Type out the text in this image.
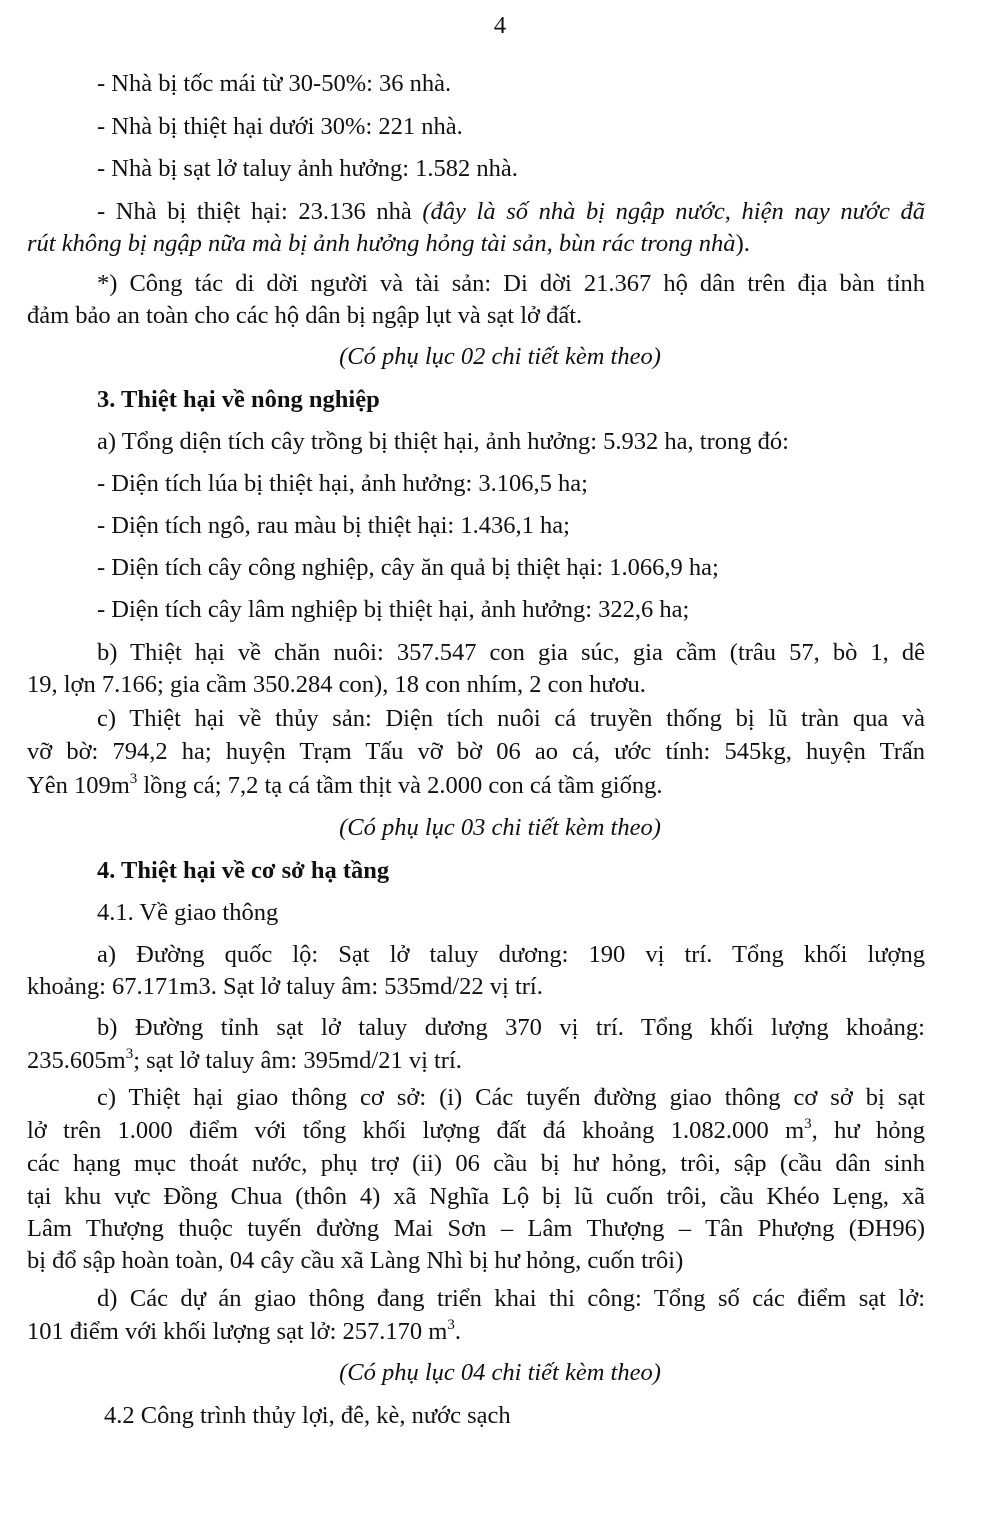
4
- Nhà bị tốc mái từ 30-50%: 36 nhà.
- Nhà bị thiệt hại dưới 30%: 221 nhà.
- Nhà bị sạt lở taluy ảnh hưởng: 1.582 nhà.
- Nhà bị thiệt hại: 23.136 nhà (đây là số nhà bị ngập nước, hiện nay nước đã
rút không bị ngập nữa mà bị ảnh hưởng hỏng tài sản, bùn rác trong nhà).
*) Công tác di dời người và tài sản: Di dời 21.367 hộ dân trên địa bàn tỉnh
đảm bảo an toàn cho các hộ dân bị ngập lụt và sạt lở đất.
(Có phụ lục 02 chi tiết kèm theo)
3. Thiệt hại về nông nghiệp
a) Tổng diện tích cây trồng bị thiệt hại, ảnh hưởng: 5.932 ha, trong đó:
- Diện tích lúa bị thiệt hại, ảnh hưởng: 3.106,5 ha;
- Diện tích ngô, rau màu bị thiệt hại: 1.436,1 ha;
- Diện tích cây công nghiệp, cây ăn quả bị thiệt hại: 1.066,9 ha;
- Diện tích cây lâm nghiệp bị thiệt hại, ảnh hưởng: 322,6 ha;
b) Thiệt hại về chăn nuôi: 357.547 con gia súc, gia cầm (trâu 57, bò 1, dê
19, lợn 7.166; gia cầm 350.284 con), 18 con nhím, 2 con hươu.
c) Thiệt hại về thủy sản: Diện tích nuôi cá truyền thống bị lũ tràn qua và
vỡ bờ: 794,2 ha; huyện Trạm Tấu vỡ bờ 06 ao cá, ước tính: 545kg, huyện Trấn
Yên $109m^3$ lồng cá; 7,2 tạ cá tầm thịt và 2.000 con cá tầm giống.
(Có phụ lục 03 chi tiết kèm theo)
4. Thiệt hại về cơ sở hạ tầng
4.1. Về giao thông
a) Đường quốc lộ: Sạt lở taluy dương: 190 vị trí. Tổng khối lượng
khoảng: 67.171m3. Sạt lở taluy âm: 535md/22 vị trí.
b) Đường tỉnh sạt lở taluy dương 370 vị trí. Tổng khối lượng khoảng:
$235.605m^3$; sạt lở taluy âm: 395md/21 vị trí.
c) Thiệt hại giao thông cơ sở: (i) Các tuyến đường giao thông cơ sở bị sạt
lở trên 1.000 điểm với tổng khối lượng đất đá khoảng 1.082.000 $m^3$, hư hỏng
các hạng mục thoát nước, phụ trợ (ii) 06 cầu bị hư hỏng, trôi, sập (cầu dân sinh
tại khu vực Đồng Chua (thôn 4) xã Nghĩa Lộ bị lũ cuốn trôi, cầu Khéo Lẹng, xã
Lâm Thượng thuộc tuyến đường Mai Sơn – Lâm Thượng – Tân Phượng (ĐH96)
bị đổ sập hoàn toàn, 04 cây cầu xã Làng Nhì bị hư hỏng, cuốn trôi)
d) Các dự án giao thông đang triển khai thi công: Tổng số các điểm sạt lở:
101 điểm với khối lượng sạt lở: 257.170 $m^3$.
(Có phụ lục 04 chi tiết kèm theo)
4.2 Công trình thủy lợi, đê, kè, nước sạch
